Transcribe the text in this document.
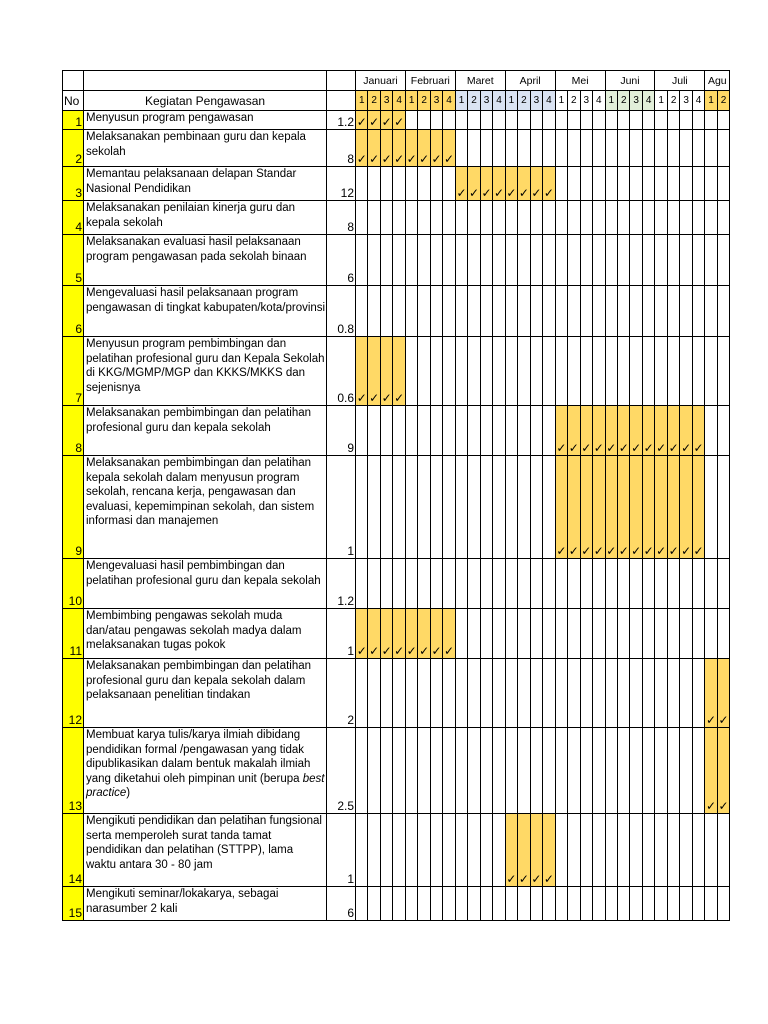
			Januari				Februari				Maret				April				Mei				Juni				Juli				Agu	
No	Kegiatan Pengawasan		1	2	3	4	1	2	3	4	1	2	3	4	1	2	3	4	1	2	3	4	1	2	3	4	1	2	3	4	1	2
1	Menyusun program pengawasan	1.2	✓	✓	✓	✓																										
2	Melaksanakan pembinaan guru dan kepala sekolah	8	✓	✓	✓	✓	✓	✓	✓	✓																						
3	Memantau pelaksanaan delapan Standar Nasional Pendidikan	12									✓	✓	✓	✓	✓	✓	✓	✓														
4	Melaksanakan penilaian kinerja guru dan kepala sekolah	8																														
5	Melaksanakan evaluasi hasil pelaksanaan program pengawasan pada sekolah binaan	6																														
6	Mengevaluasi hasil pelaksanaan program pengawasan di tingkat kabupaten/kota/provinsi	0.8																														
7	Menyusun program pembimbingan dan pelatihan profesional guru dan Kepala Sekolah di KKG/MGMP/MGP dan KKKS/MKKS dan sejenisnya	0.6	✓	✓	✓	✓																										
8	Melaksanakan pembimbingan dan pelatihan profesional guru dan kepala sekolah	9																	✓	✓	✓	✓	✓	✓	✓	✓	✓	✓	✓	✓		
9	Melaksanakan pembimbingan dan pelatihan kepala sekolah dalam menyusun program sekolah, rencana kerja, pengawasan dan evaluasi, kepemimpinan sekolah, dan sistem informasi dan manajemen	1																	✓	✓	✓	✓	✓	✓	✓	✓	✓	✓	✓	✓		
10	Mengevaluasi hasil pembimbingan dan pelatihan profesional guru dan kepala sekolah	1.2																														
11	Membimbing pengawas sekolah muda dan/atau pengawas sekolah madya dalam melaksanakan tugas pokok	1	✓	✓	✓	✓	✓	✓	✓	✓																						
12	Melaksanakan pembimbingan dan pelatihan profesional guru dan kepala sekolah dalam pelaksanaan penelitian tindakan	2																													✓	✓
13	Membuat karya tulis/karya ilmiah dibidang pendidikan formal /pengawasan yang tidak dipublikasikan dalam bentuk makalah ilmiah yang diketahui oleh pimpinan unit (berupa best practice)	2.5																													✓	✓
14	Mengikuti pendidikan dan pelatihan fungsional serta memperoleh surat tanda tamat pendidikan dan pelatihan (STTPP), lama waktu antara 30 - 80 jam	1													✓	✓	✓	✓														
15	Mengikuti seminar/lokakarya, sebagai narasumber 2 kali	6																														
